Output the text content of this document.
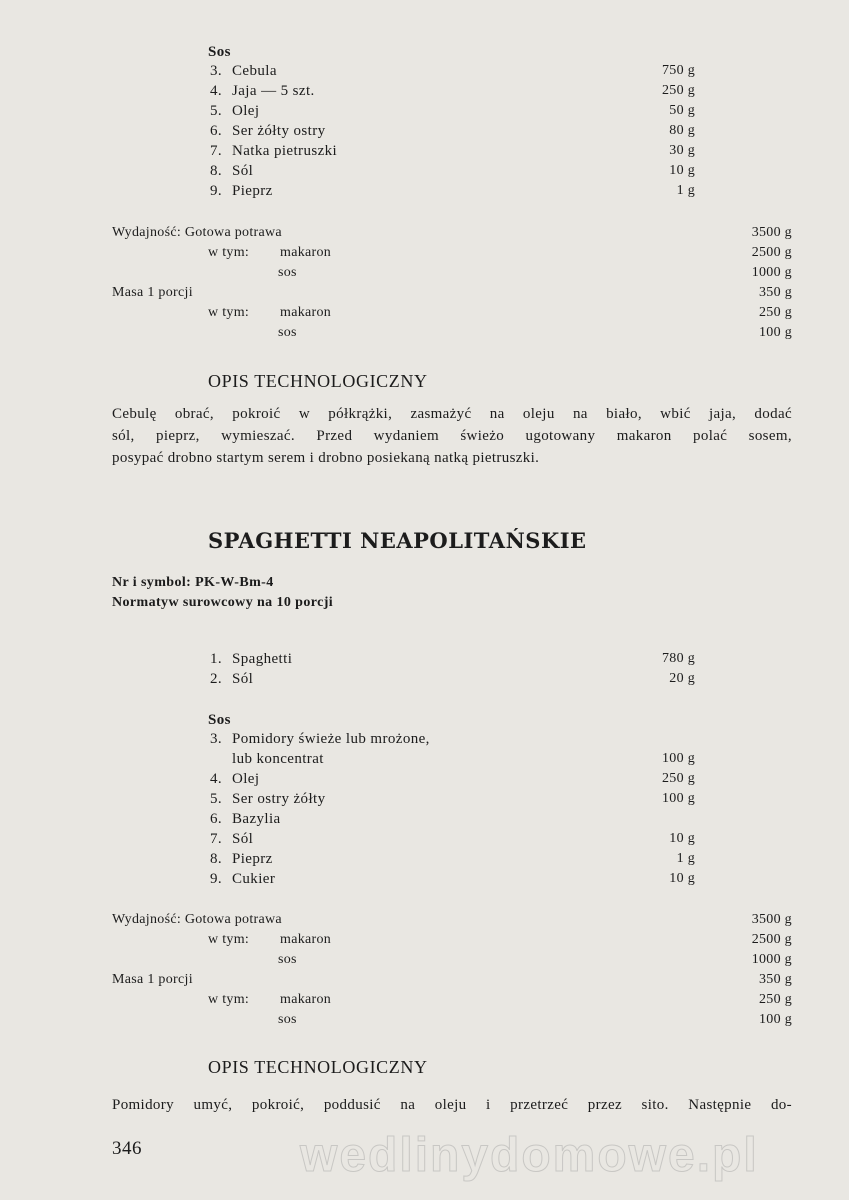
Sos
3. Cebula	750 g
4. Jaja — 5 szt.	250 g
5. Olej	50 g
6. Ser żółty ostry	80 g
7. Natka pietruszki	30 g
8. Sól	10 g
9. Pieprz	1 g
Wydajność: Gotowa potrawa	3500 g
w tym: makaron	2500 g
sos	1000 g
Masa 1 porcji	350 g
w tym: makaron	250 g
sos	100 g
OPIS TECHNOLOGICZNY
Cebulę obrać, pokroić w półkrążki, zasmażyć na oleju na biało, wbić jaja, dodać
sól, pieprz, wymieszać. Przed wydaniem świeżo ugotowany makaron polać sosem,
posypać drobno startym serem i drobno posiekaną natką pietruszki.
SPAGHETTI NEAPOLITAŃSKIE
Nr i symbol: PK-W-Bm-4
Normatyw surowcowy na 10 porcji
1. Spaghetti	780 g
2. Sól	20 g
Sos
3. Pomidory świeże lub mrożone,
lub koncentrat	100 g
4. Olej	250 g
5. Ser ostry żółty	100 g
6. Bazylia
7. Sól	10 g
8. Pieprz	1 g
9. Cukier	10 g
Wydajność: Gotowa potrawa	3500 g
w tym: makaron	2500 g
sos	1000 g
Masa 1 porcji	350 g
w tym: makaron	250 g
sos	100 g
OPIS TECHNOLOGICZNY
Pomidory umyć, pokroić, poddusić na oleju i przetrzeć przez sito. Następnie do-
346	wedlinydomowe.pl
